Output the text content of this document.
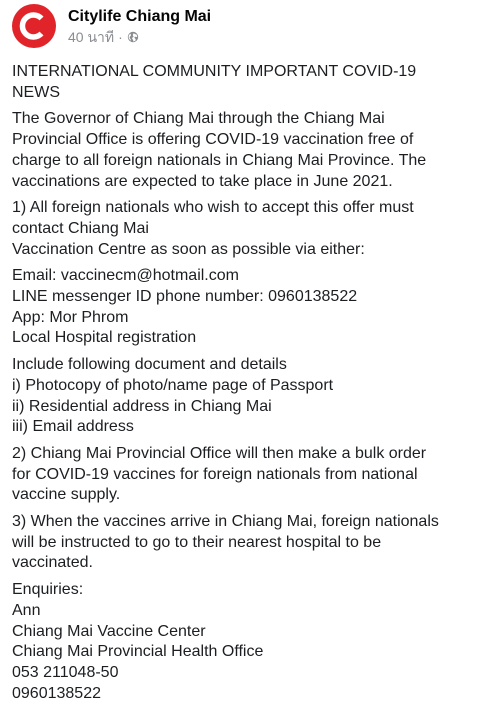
Citylife Chiang Mai
40 นาที ·

INTERNATIONAL COMMUNITY IMPORTANT COVID-19
NEWS

The Governor of Chiang Mai through the Chiang Mai
Provincial Office is offering COVID-19 vaccination free of
charge to all foreign nationals in Chiang Mai Province. The
vaccinations are expected to take place in June 2021.

1) All foreign nationals who wish to accept this offer must
contact Chiang Mai
Vaccination Centre as soon as possible via either:

Email: vaccinecm@hotmail.com
LINE messenger ID phone number: 0960138522
App: Mor Phrom
Local Hospital registration

Include following document and details
i) Photocopy of photo/name page of Passport
ii) Residential address in Chiang Mai
iii) Email address

2) Chiang Mai Provincial Office will then make a bulk order
for COVID-19 vaccines for foreign nationals from national
vaccine supply.

3) When the vaccines arrive in Chiang Mai, foreign nationals
will be instructed to go to their nearest hospital to be
vaccinated.

Enquiries:
Ann
Chiang Mai Vaccine Center
Chiang Mai Provincial Health Office
053 211048-50
0960138522
